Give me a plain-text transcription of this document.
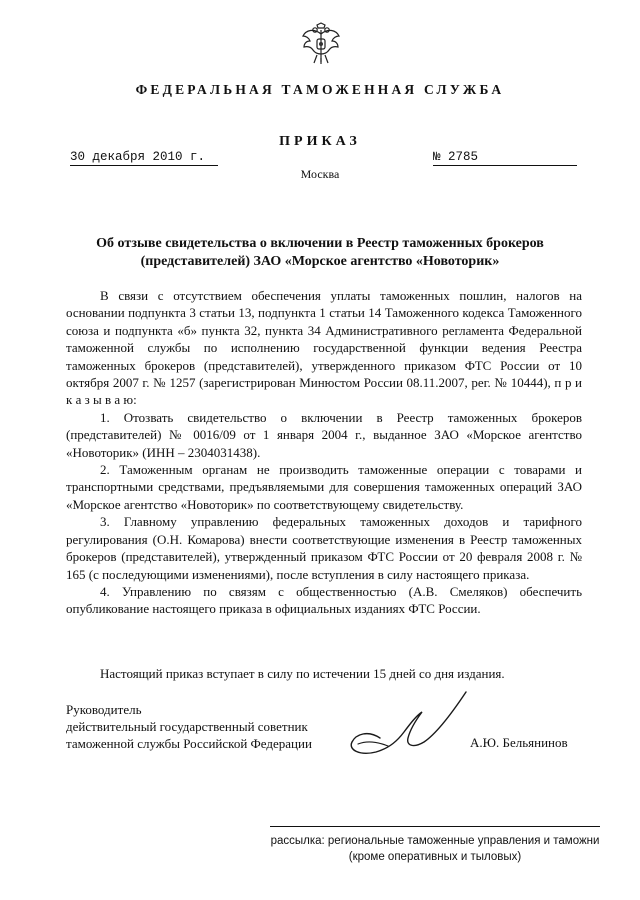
ФЕДЕРАЛЬНАЯ ТАМОЖЕННАЯ СЛУЖБА
ПРИКАЗ
30 декабря 2010 г.	№ 2785
Москва
Об отзыве свидетельства о включении в Реестр таможенных брокеров
(представителей) ЗАО «Морское агентство «Новоторик»

В связи с отсутствием обеспечения уплаты таможенных пошлин, налогов на основании подпункта 3 статьи 13, подпункта 1 статьи 14 Таможенного кодекса Таможенного союза и подпункта «б» пункта 32, пункта 34 Административного регламента Федеральной таможенной службы по исполнению государственной функции ведения Реестра таможенных брокеров (представителей), утвержденного приказом ФТС России от 10 октября 2007 г. № 1257 (зарегистрирован Минюстом России 08.11.2007, рег. № 10444), п р и к а з ы в а ю:

1. Отозвать свидетельство о включении в Реестр таможенных брокеров (представителей) № 0016/09 от 1 января 2004 г., выданное ЗАО «Морское агентство «Новоторик» (ИНН – 2304031438).

2. Таможенным органам не производить таможенные операции с товарами и транспортными средствами, предъявляемыми для совершения таможенных операций ЗАО «Морское агентство «Новоторик» по соответствующему свидетельству.

3. Главному управлению федеральных таможенных доходов и тарифного регулирования (О.Н. Комарова) внести соответствующие изменения в Реестр таможенных брокеров (представителей), утвержденный приказом ФТС России от 20 февраля 2008 г. № 165 (с последующими изменениями), после вступления в силу настоящего приказа.

4. Управлению по связям с общественностью (А.В. Смеляков) обеспечить опубликование настоящего приказа в официальных изданиях ФТС России.

Настоящий приказ вступает в силу по истечении 15 дней со дня издания.
Руководитель
действительный государственный советник
таможенной службы Российской Федерации	А.Ю. Бельянинов
рассылка: региональные таможенные управления и таможни
(кроме оперативных и тыловых)
